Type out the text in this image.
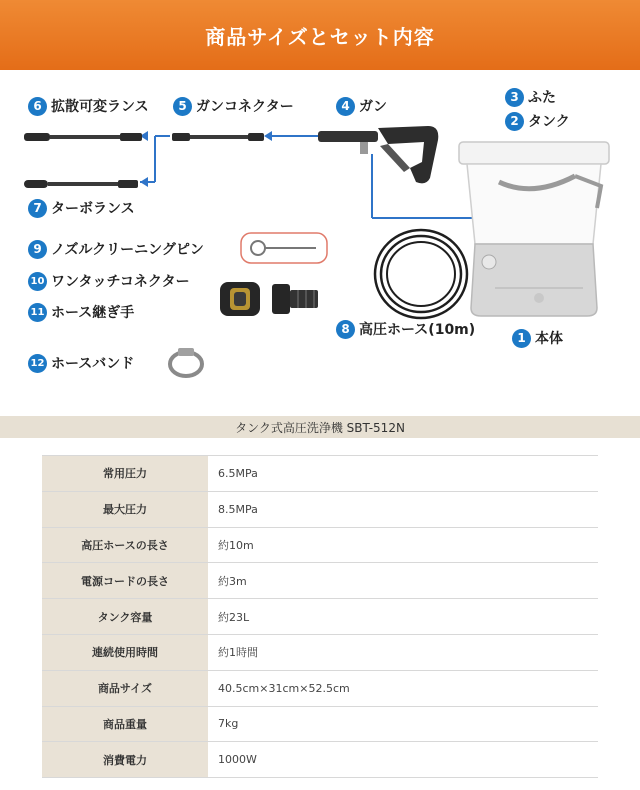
商品サイズとセット内容
6 拡散可変ランス	5 ガンコネクター	4 ガン
3 ふた
2 タンク
7 ターボランス
9 ノズルクリーニングピン
10 ワンタッチコネクター
11 ホース継ぎ手
12 ホースバンド
8 高圧ホース(10m)	1 本体
タンク式高圧洗浄機 SBT-512N
常用圧力	6.5MPa
最大圧力	8.5MPa
高圧ホースの長さ	約10m
電源コードの長さ	約3m
タンク容量	約23L
連続使用時間	約1時間
商品サイズ	40.5cm×31cm×52.5cm
商品重量	7kg
消費電力	1000W
